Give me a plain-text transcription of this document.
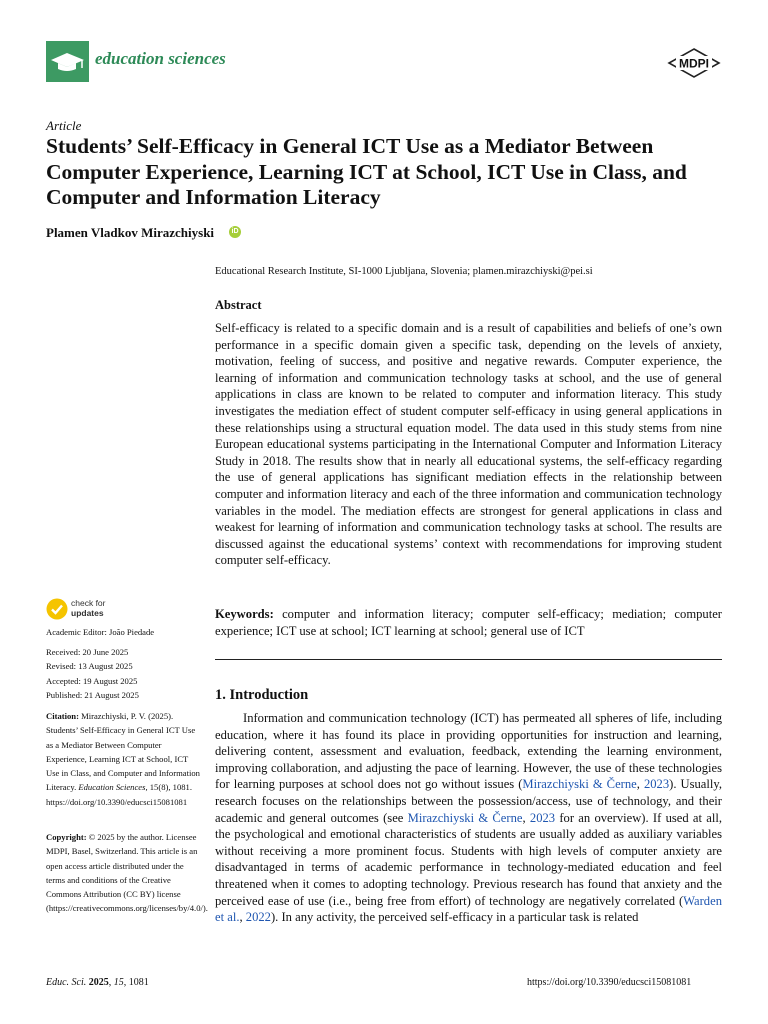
education sciences	MDPI
Article
Students’ Self-Efficacy in General ICT Use as a Mediator Between Computer Experience, Learning ICT at School, ICT Use in Class, and Computer and Information Literacy
Plamen Vladkov Mirazchiyski	iD
Educational Research Institute, SI-1000 Ljubljana, Slovenia; plamen.mirazchiyski@pei.si
Abstract
Self-efficacy is related to a specific domain and is a result of capabilities and beliefs of one’s own performance in a specific domain given a specific task, depending on the levels of anxiety, motivation, feeling of success, and positive and negative rewards. Computer experience, the learning of information and communication technology tasks at school, and the use of general applications in class are known to be related to computer and information literacy. This study investigates the mediation effect of student computer self-efficacy in using general applications in these relationships using a structural equation model. The data used in this study stems from nine European educational systems participating in the International Computer and Information Literacy Study in 2018. The results show that in nearly all educational systems, the self-efficacy regarding the use of general applications has significant mediation effects in the relationship between computer and information literacy and each of the three information and communication technology variables in the model. The mediation effects are strongest for general applications in class and weakest for learning of information and communication technology tasks at school. The results are discussed against the educational systems’ context with recommendations for improving student computer self-efficacy.
Keywords: computer and information literacy; computer self-efficacy; mediation; computer experience; ICT use at school; ICT learning at school; general use of ICT
1. Introduction
Information and communication technology (ICT) has permeated all spheres of life, including education, where it has found its place in providing opportunities for instruction and learning, delivering content, assessment and evaluation, feedback, extending the learning environment, improving collaboration, and adjusting the pace of learning. However, the use of these technologies for learning purposes at school does not go without issues (Mirazchiyski & Černe, 2023). Usually, research focuses on the relationships between the possession/access, use of technology, and their academic and general outcomes (see Mirazchiyski & Černe, 2023 for an overview). If used at all, the psychological and emotional characteristics of students are usually added as auxiliary variables without receiving a more prominent focus. Students with high levels of computer anxiety are disadvantaged in terms of academic performance in technology-mediated education and feel threatened when it comes to adopting technology. Previous research has found that anxiety and the perceived ease of use (i.e., being free from effort) of technology are negatively correlated (Warden et al., 2022). In any activity, the perceived self-efficacy in a particular task is related
check for
updates
Academic Editor: João Piedade
Received: 20 June 2025
Revised: 13 August 2025
Accepted: 19 August 2025
Published: 21 August 2025
Citation: Mirazchiyski, P. V. (2025). Students’ Self-Efficacy in General ICT Use as a Mediator Between Computer Experience, Learning ICT at School, ICT Use in Class, and Computer and Information Literacy. Education Sciences, 15(8), 1081. https://doi.org/10.3390/educsci15081081
Copyright: © 2025 by the author. Licensee MDPI, Basel, Switzerland. This article is an open access article distributed under the terms and conditions of the Creative Commons Attribution (CC BY) license (https://creativecommons.org/licenses/by/4.0/).
Educ. Sci. 2025, 15, 1081	https://doi.org/10.3390/educsci15081081
